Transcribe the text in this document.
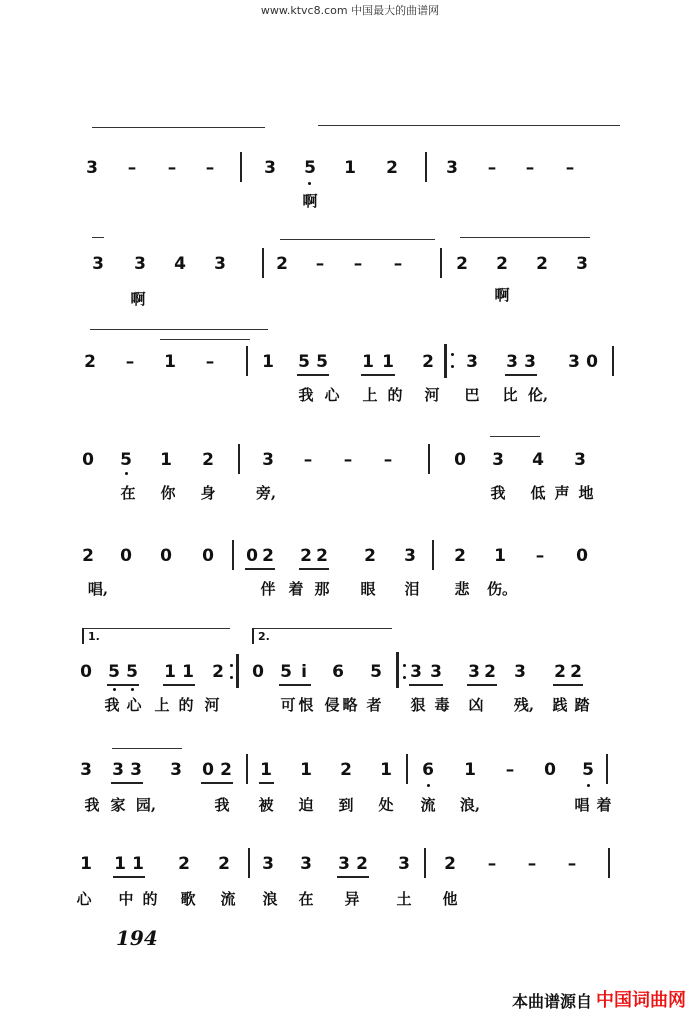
www.ktvc8.com 中国最大的曲谱网
3 – – –	3 5 1 2	3 – – –
啊
3 3 4 3	2 – – –	2 2 2 3
啊	啊
2 – 1 –	1 5 5 1 1 2 3 3 3 3 0
我 心 上 的 河 巴 比 伦,
0 5 1 2	3 – – –	0 3 4 3
在 你 身	旁,	我 低 声 地
2 0 0 0 0 2 2 2 2 3 2 1 – 0
唱,	伴 着 那 眼 泪 悲 伤。
1.	2.
0 5 5 1 1 2 0 5 i 6 5 3 3 3 2 3 2 2
我 心 上 的 河	可 恨 侵 略 者 狠 毒 凶 残, 践 踏
3 3 3 3 0 2 1 1 2 1 6 1 – 0 5
我 家 园,	我 被 迫 到 处 流 浪,	唱 着
1 1 1 2 2 3 3 3 2 3 2 – – –
心 中 的 歌 流 浪 在 异 土 他
194
本曲谱源自 中国词曲网
